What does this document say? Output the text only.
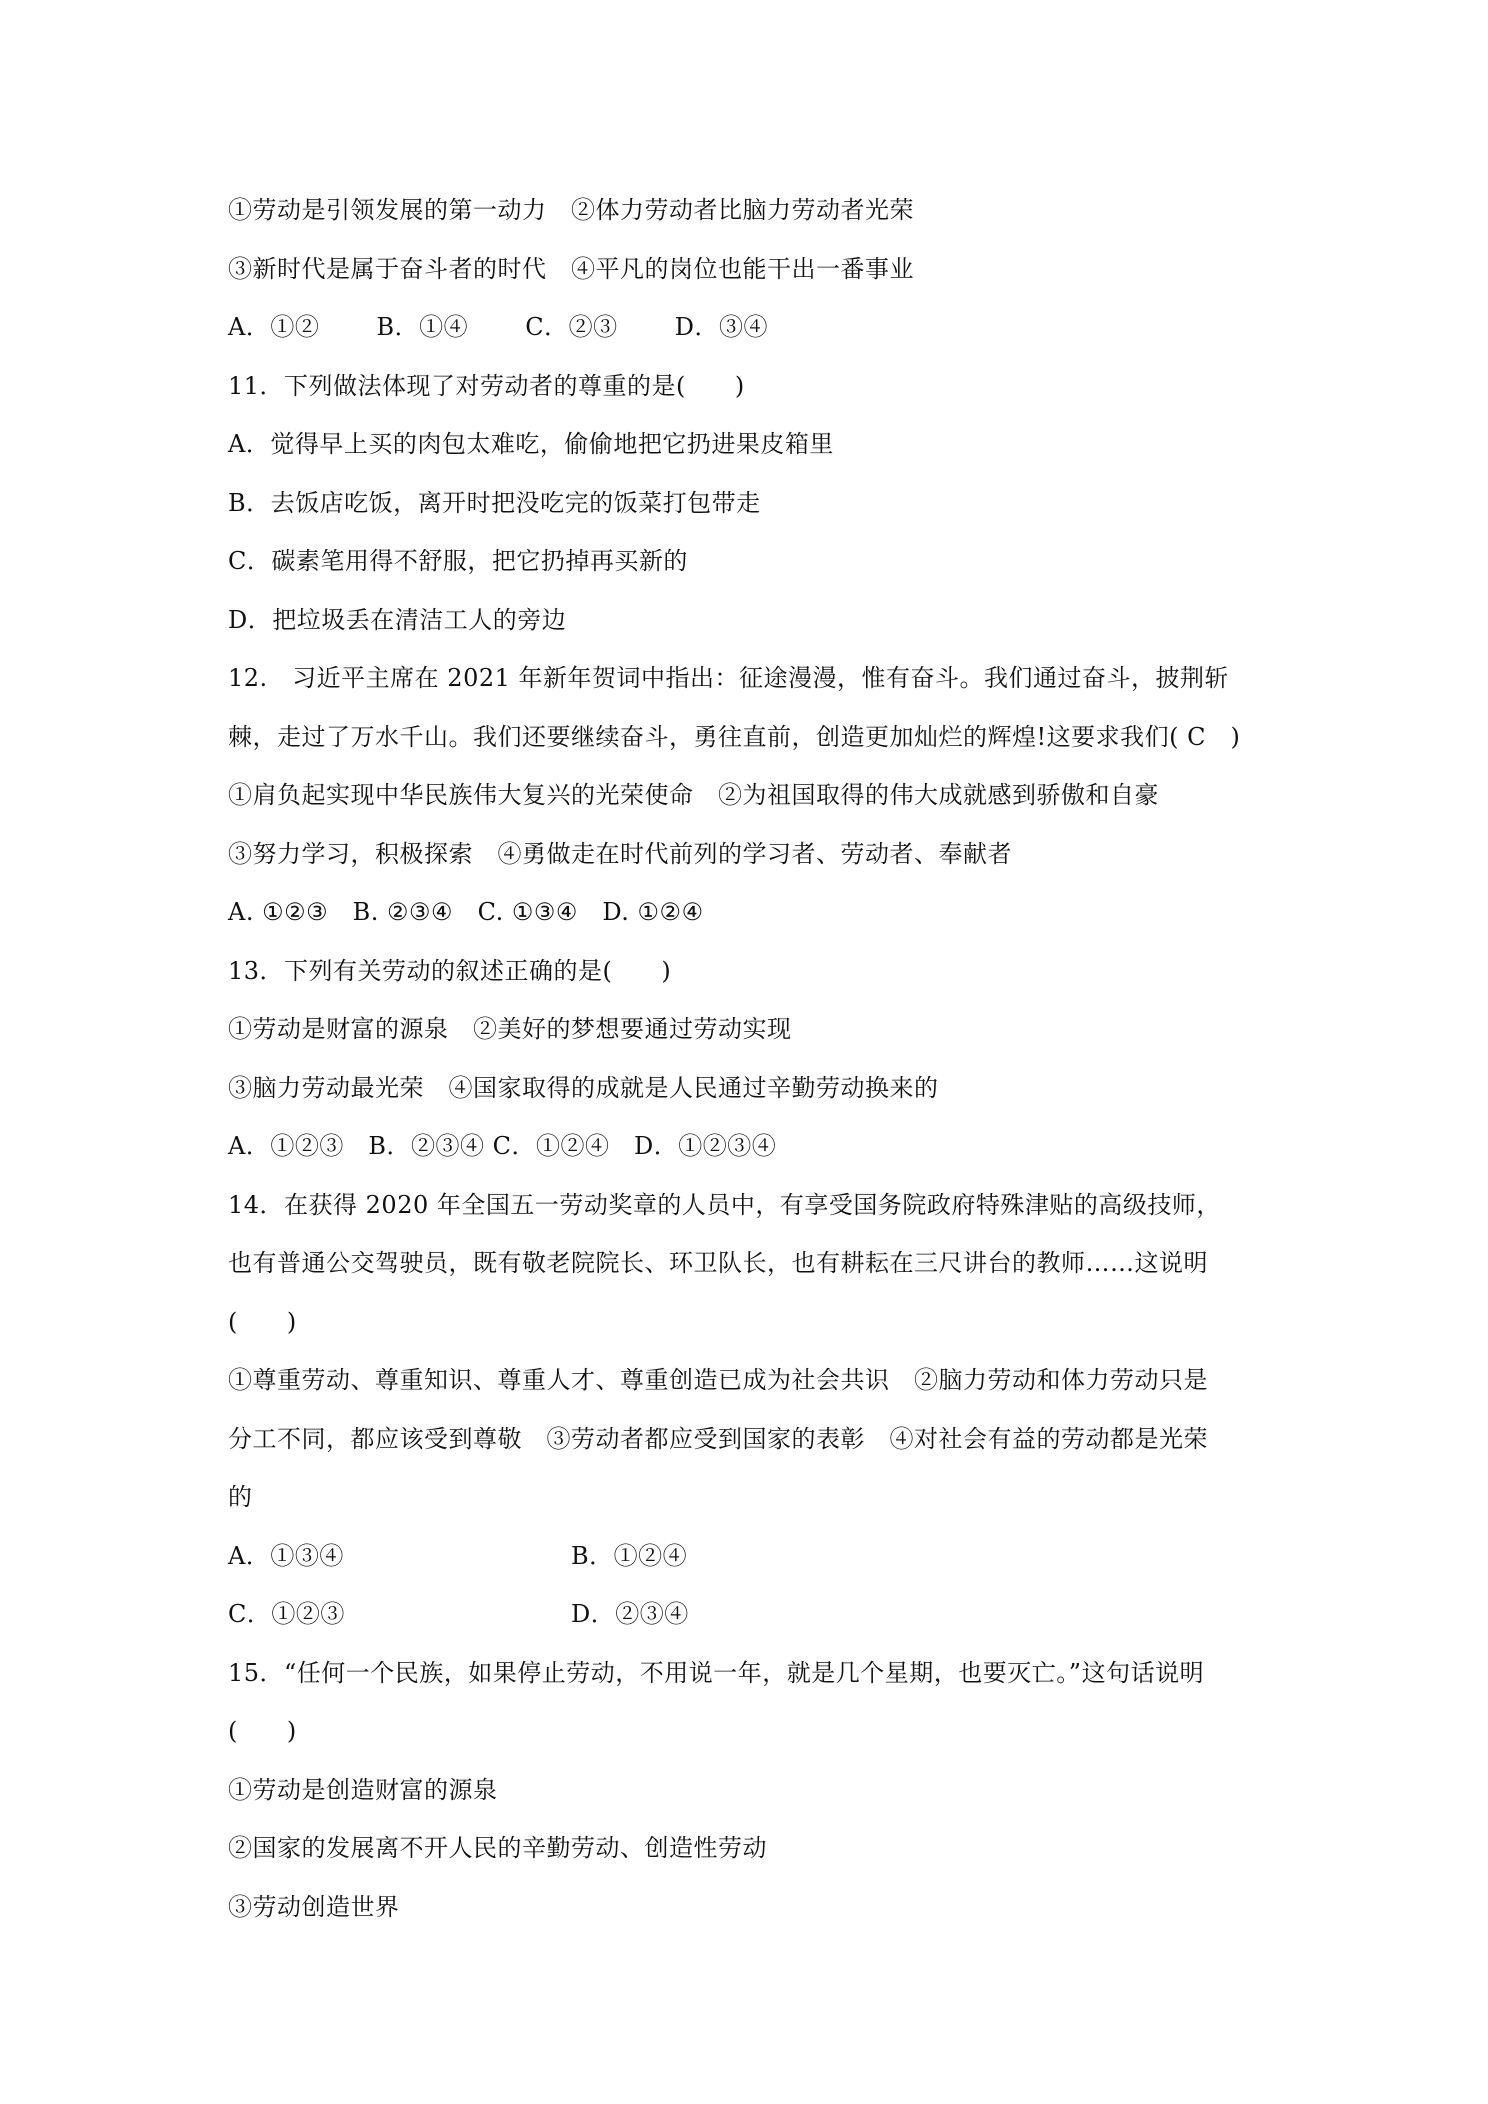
①劳动是引领发展的第一动力　②体力劳动者比脑力劳动者光荣
③新时代是属于奋斗者的时代　④平凡的岗位也能干出一番事业
A．①②　　 B．①④　　 C．②③　　 D．③④
11．下列做法体现了对劳动者的尊重的是(　　)
A．觉得早上买的肉包太难吃，偷偷地把它扔进果皮箱里
B．去饭店吃饭，离开时把没吃完的饭菜打包带走
C．碳素笔用得不舒服，把它扔掉再买新的
D．把垃圾丢在清洁工人的旁边
12.　习近平主席在 2021 年新年贺词中指出：征途漫漫，惟有奋斗。我们通过奋斗，披荆斩
棘，走过了万水千山。我们还要继续奋斗，勇往直前，创造更加灿烂的辉煌!这要求我们( C　)
①肩负起实现中华民族伟大复兴的光荣使命　②为祖国取得的伟大成就感到骄傲和自豪
③努力学习，积极探索　④勇做走在时代前列的学习者、劳动者、奉献者
A. ①②③　B. ②③④　C. ①③④　D. ①②④
13．下列有关劳动的叙述正确的是(　　)
①劳动是财富的源泉　②美好的梦想要通过劳动实现
③脑力劳动最光荣　④国家取得的成就是人民通过辛勤劳动换来的
A．①②③　B．②③④ C．①②④　D．①②③④
14．在获得 2020 年全国五一劳动奖章的人员中，有享受国务院政府特殊津贴的高级技师，
也有普通公交驾驶员，既有敬老院院长、环卫队长，也有耕耘在三尺讲台的教师……这说明
(　　)
①尊重劳动、尊重知识、尊重人才、尊重创造已成为社会共识　②脑力劳动和体力劳动只是
分工不同，都应该受到尊敬　③劳动者都应受到国家的表彰　④对社会有益的劳动都是光荣
的
A．①③④	B．①②④
C．①②③	D．②③④
15．“任何一个民族，如果停止劳动，不用说一年，就是几个星期，也要灭亡。”这句话说明
(　　)
①劳动是创造财富的源泉
②国家的发展离不开人民的辛勤劳动、创造性劳动
③劳动创造世界
